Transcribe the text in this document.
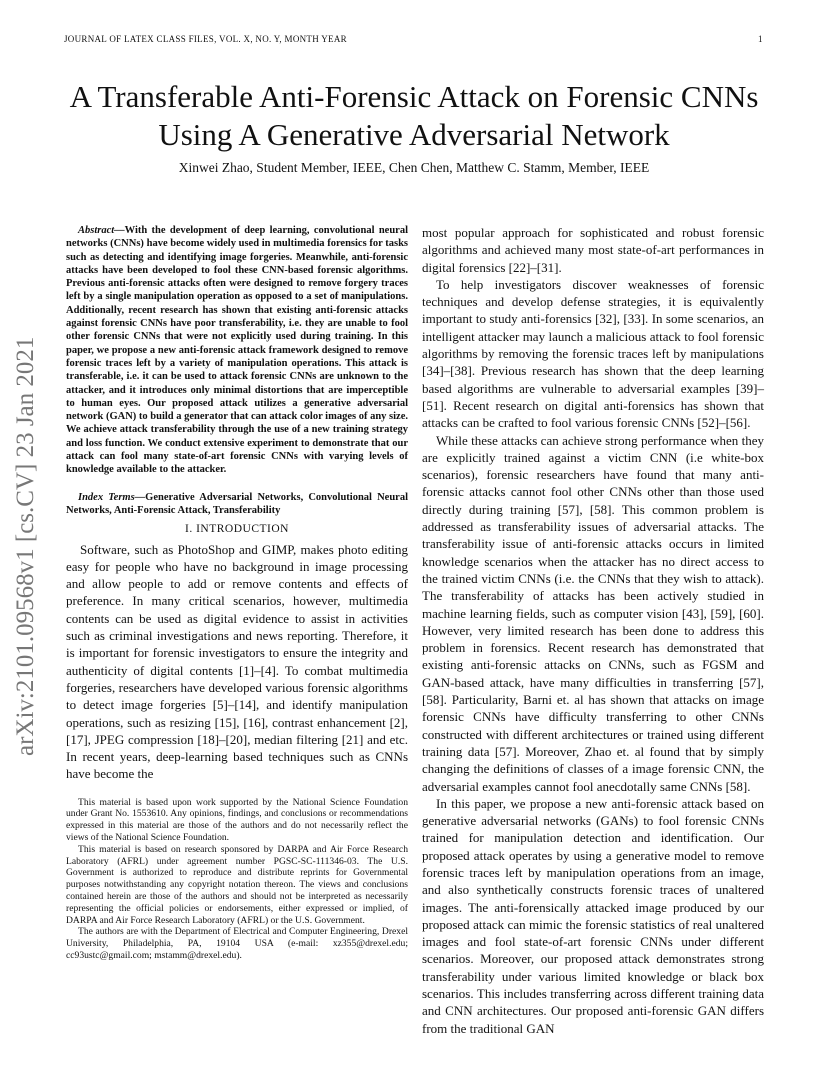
JOURNAL OF LATEX CLASS FILES, VOL. X, NO. Y, MONTH YEAR	1
arXiv:2101.09568v1 [cs.CV] 23 Jan 2021
A Transferable Anti-Forensic Attack on Forensic CNNs Using A Generative Adversarial Network
Xinwei Zhao, Student Member, IEEE, Chen Chen, Matthew C. Stamm, Member, IEEE

Abstract—With the development of deep learning, convolutional neural networks (CNNs) have become widely used in multimedia forensics for tasks such as detecting and identifying image forgeries. Meanwhile, anti-forensic attacks have been developed to fool these CNN-based forensic algorithms. Previous anti-forensic attacks often were designed to remove forgery traces left by a single manipulation operation as opposed to a set of manipulations. Additionally, recent research has shown that existing anti-forensic attacks against forensic CNNs have poor transferability, i.e. they are unable to fool other forensic CNNs that were not explicitly used during training. In this paper, we propose a new anti-forensic attack framework designed to remove forensic traces left by a variety of manipulation operations. This attack is transferable, i.e. it can be used to attack forensic CNNs are unknown to the attacker, and it introduces only minimal distortions that are imperceptible to human eyes. Our proposed attack utilizes a generative adversarial network (GAN) to build a generator that can attack color images of any size. We achieve attack transferability through the use of a new training strategy and loss function. We conduct extensive experiment to demonstrate that our attack can fool many state-of-art forensic CNNs with varying levels of knowledge available to the attacker.

Index Terms—Generative Adversarial Networks, Convolutional Neural Networks, Anti-Forensic Attack, Transferability

I. INTRODUCTION

Software, such as PhotoShop and GIMP, makes photo editing easy for people who have no background in image processing and allow people to add or remove contents and effects of preference. In many critical scenarios, however, multimedia contents can be used as digital evidence to assist in activities such as criminal investigations and news reporting. Therefore, it is important for forensic investigators to ensure the integrity and authenticity of digital contents [1]–[4]. To combat multimedia forgeries, researchers have developed various forensic algorithms to detect image forgeries [5]–[14], and identify manipulation operations, such as resizing [15], [16], contrast enhancement [2], [17], JPEG compression [18]–[20], median filtering [21] and etc. In recent years, deep-learning based techniques such as CNNs have become the

This material is based upon work supported by the National Science Foundation under Grant No. 1553610. Any opinions, findings, and conclusions or recommendations expressed in this material are those of the authors and do not necessarily reflect the views of the National Science Foundation.

This material is based on research sponsored by DARPA and Air Force Research Laboratory (AFRL) under agreement number PGSC-SC-111346-03. The U.S. Government is authorized to reproduce and distribute reprints for Governmental purposes notwithstanding any copyright notation thereon. The views and conclusions contained herein are those of the authors and should not be interpreted as necessarily representing the official policies or endorsements, either expressed or implied, of DARPA and Air Force Research Laboratory (AFRL) or the U.S. Government.

The authors are with the Department of Electrical and Computer Engineering, Drexel University, Philadelphia, PA, 19104 USA (e-mail: xz355@drexel.edu; cc93ustc@gmail.com; mstamm@drexel.edu).

most popular approach for sophisticated and robust forensic algorithms and achieved many most state-of-art performances in digital forensics [22]–[31].

To help investigators discover weaknesses of forensic techniques and develop defense strategies, it is equivalently important to study anti-forensics [32], [33]. In some scenarios, an intelligent attacker may launch a malicious attack to fool forensic algorithms by removing the forensic traces left by manipulations [34]–[38]. Previous research has shown that the deep learning based algorithms are vulnerable to adversarial examples [39]–[51]. Recent research on digital anti-forensics has shown that attacks can be crafted to fool various forensic CNNs [52]–[56].

While these attacks can achieve strong performance when they are explicitly trained against a victim CNN (i.e white-box scenarios), forensic researchers have found that many anti-forensic attacks cannot fool other CNNs other than those used directly during training [57], [58]. This common problem is addressed as transferability issues of adversarial attacks. The transferability issue of anti-forensic attacks occurs in limited knowledge scenarios when the attacker has no direct access to the trained victim CNNs (i.e. the CNNs that they wish to attack). The transferability of attacks has been actively studied in machine learning fields, such as computer vision [43], [59], [60]. However, very limited research has been done to address this problem in forensics. Recent research has demonstrated that existing anti-forensic attacks on CNNs, such as FGSM and GAN-based attack, have many difficulties in transferring [57], [58]. Particularity, Barni et. al has shown that attacks on image forensic CNNs have difficulty transferring to other CNNs constructed with different architectures or trained using different training data [57]. Moreover, Zhao et. al found that by simply changing the definitions of classes of a image forensic CNN, the adversarial examples cannot fool anecdotally same CNNs [58].

In this paper, we propose a new anti-forensic attack based on generative adversarial networks (GANs) to fool forensic CNNs trained for manipulation detection and identification. Our proposed attack operates by using a generative model to remove forensic traces left by manipulation operations from an image, and also synthetically constructs forensic traces of unaltered images. The anti-forensically attacked image produced by our proposed attack can mimic the forensic statistics of real unaltered images and fool state-of-art forensic CNNs under different scenarios. Moreover, our proposed attack demonstrates strong transferability under various limited knowledge or black box scenarios. This includes transferring across different training data and CNN architectures. Our proposed anti-forensic GAN differs from the traditional GAN
